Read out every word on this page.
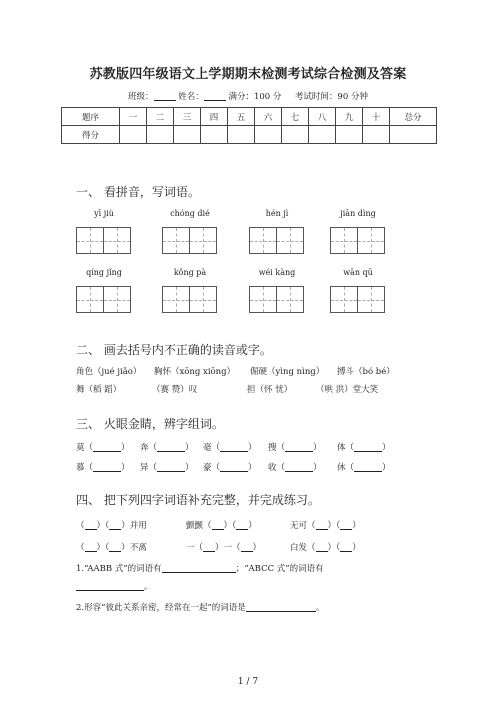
苏教版四年级语文上学期期末检测考试综合检测及答案
班级：	姓名：	满分：100 分 考试时间：90 分钟
题序	一	二	三	四	五	六	七	八	九	十	总分
得分											
一、 看拼音，写词语。
yī jiù	chóng dié	hén jì	jiān dìng
qíng jǐng	kǒng pà	wéi kàng	wān qū
二、 画去括号内不正确的读音或字。
角色（jué jiǎo） 胸怀（xōng xiōng） 倔硬（yìng nìng） 搏斗（bó bé）
舞（稻 蹈）	（赛 赞）叹	担（怀 忧）	（哄 洪）堂大笑
三、 火眼金睛，辨字组词。
莫（	） 奔（	） 毫（	） 搜（	） 体（	）
慕（	） 异（	） 豪（	） 收（	） 休（	）
四、 把下列四字词语补充完整，并完成练习。
（ ）（ ）并用	颤颤（ ）（ ）	无可（ ）（ ）
（ ）（ ）不离	一（ ）一（ ）	白发（ ）（ ）
1.“AABB 式”的词语有	；“ABCC 式”的词语有
。
2.形容“彼此关系亲密，经常在一起”的词语是	。
1 / 7
